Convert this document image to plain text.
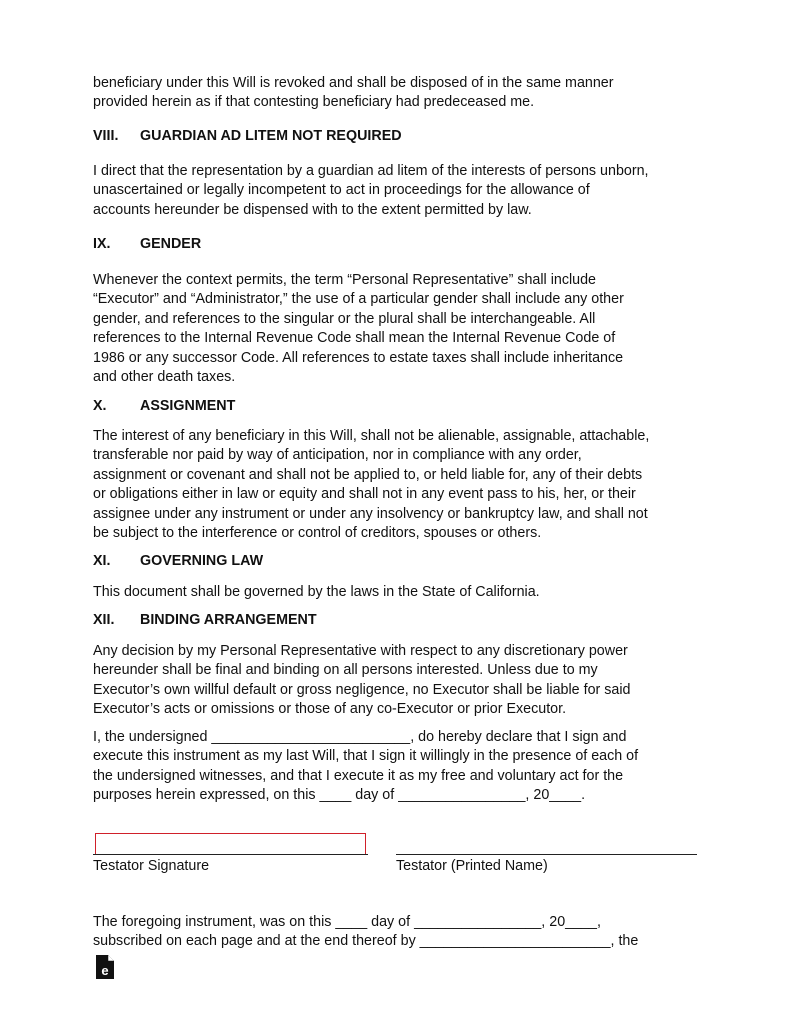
beneficiary under this Will is revoked and shall be disposed of in the same manner
provided herein as if that contesting beneficiary had predeceased me.
VIII. GUARDIAN AD LITEM NOT REQUIRED
I direct that the representation by a guardian ad litem of the interests of persons unborn,
unascertained or legally incompetent to act in proceedings for the allowance of
accounts hereunder be dispensed with to the extent permitted by law.
IX. GENDER
Whenever the context permits, the term “Personal Representative” shall include
“Executor” and “Administrator,” the use of a particular gender shall include any other
gender, and references to the singular or the plural shall be interchangeable. All
references to the Internal Revenue Code shall mean the Internal Revenue Code of
1986 or any successor Code. All references to estate taxes shall include inheritance
and other death taxes.
X. ASSIGNMENT
The interest of any beneficiary in this Will, shall not be alienable, assignable, attachable,
transferable nor paid by way of anticipation, nor in compliance with any order,
assignment or covenant and shall not be applied to, or held liable for, any of their debts
or obligations either in law or equity and shall not in any event pass to his, her, or their
assignee under any instrument or under any insolvency or bankruptcy law, and shall not
be subject to the interference or control of creditors, spouses or others.
XI. GOVERNING LAW
This document shall be governed by the laws in the State of California.
XII. BINDING ARRANGEMENT
Any decision by my Personal Representative with respect to any discretionary power
hereunder shall be final and binding on all persons interested. Unless due to my
Executor’s own willful default or gross negligence, no Executor shall be liable for said
Executor’s acts or omissions or those of any co-Executor or prior Executor.
I, the undersigned _________________________, do hereby declare that I sign and
execute this instrument as my last Will, that I sign it willingly in the presence of each of
the undersigned witnesses, and that I execute it as my free and voluntary act for the
purposes herein expressed, on this ____ day of ________________, 20____.
Testator Signature	Testator (Printed Name)
The foregoing instrument, was on this ____ day of ________________, 20____,
subscribed on each page and at the end thereof by ________________________, the
e
